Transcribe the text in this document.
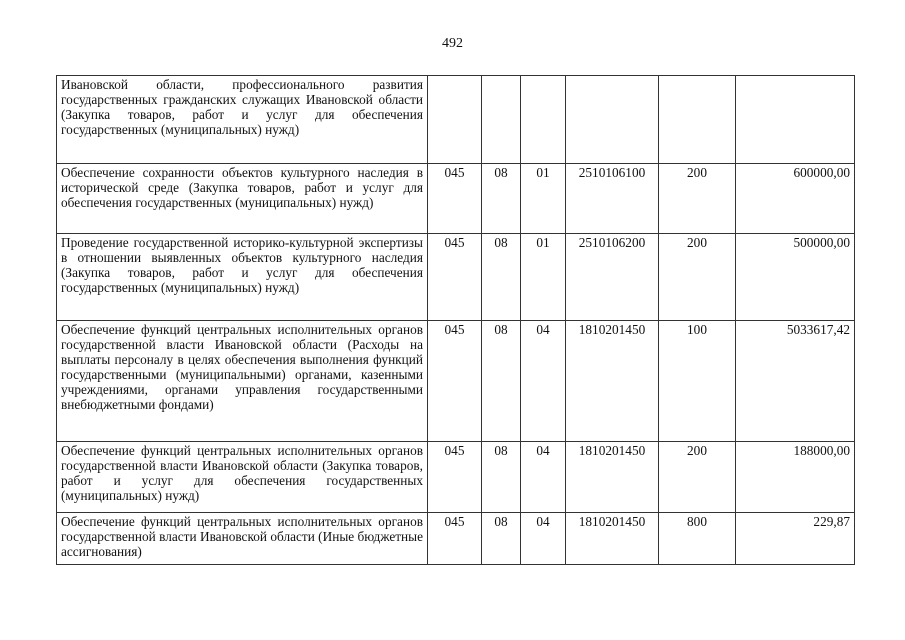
492
Ивановской области, профессионального развития государственных гражданских служащих Ивановской области (Закупка товаров, работ и услуг для обеспечения государственных (муниципальных) нужд)						
Обеспечение сохранности объектов культурного наследия в исторической среде (Закупка товаров, работ и услуг для обеспечения государственных (муниципальных) нужд)	045	08	01	2510106100	200	600000,00
Проведение государственной историко-культурной экспертизы в отношении выявленных объектов культурного наследия (Закупка товаров, работ и услуг для обеспечения государственных (муниципальных) нужд)	045	08	01	2510106200	200	500000,00
Обеспечение функций центральных исполнительных органов государственной власти Ивановской области (Расходы на выплаты персоналу в целях обеспечения выполнения функций государственными (муниципальными) органами, казенными учреждениями, органами управления государственными внебюджетными фондами)	045	08	04	1810201450	100	5033617,42
Обеспечение функций центральных исполнительных органов государственной власти Ивановской области (Закупка товаров, работ и услуг для обеспечения государственных (муниципальных) нужд)	045	08	04	1810201450	200	188000,00
Обеспечение функций центральных исполнительных органов государственной власти Ивановской области (Иные бюджетные ассигнования)	045	08	04	1810201450	800	229,87
